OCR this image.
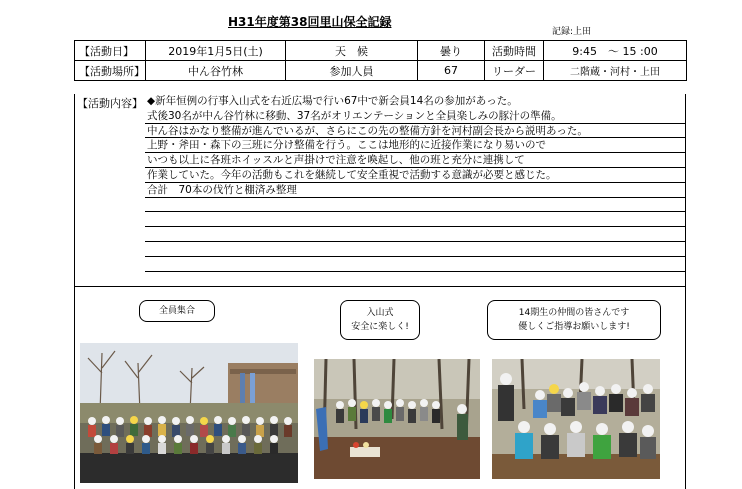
H31年度第38回里山保全記録
記録:上田
【活動日】	2019年1月5日(土)	天　候	曇り	活動時間	9:45　〜 15 :00
【活動場所】	中ん谷竹林	参加人員	67	リーダー	二階蔵・河村・上田
【活動内容】 ◆新年恒例の行事入山式を右近広場で行い67中で新会員14名の参加があった。
式後30名が中ん谷竹林に移動、37名がオリエンテーションと全員楽しみの豚汁の準備。
中ん谷はかなり整備が進んでいるが、さらにこの先の整備方針を河村副会長から説明あった。
上野・斧田・森下の三班に分け整備を行う。ここは地形的に近接作業になり易いので
いつも以上に各班ホイッスルと声掛けで注意を喚起し、他の班と充分に連携して
作業していた。今年の活動もこれを継続して安全重視で活動する意識が必要と感じた。
合計　70本の伐竹と棚済み整理
全員集合	入山式
安全に楽しく!
14期生の仲間の皆さんです
優しくご指導お願いします!
